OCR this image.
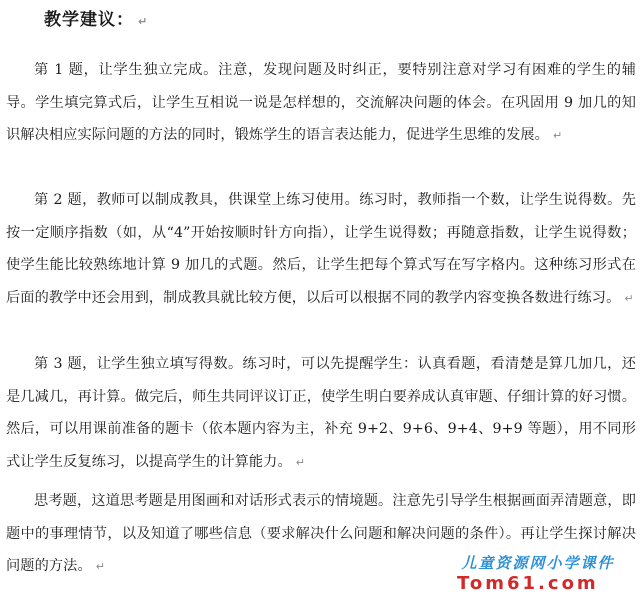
教学建议： ↵

第 1 题，让学生独立完成。注意，发现问题及时纠正，要特别注意对学习有困难的学生的辅导。学生填完算式后，让学生互相说一说是怎样想的，交流解决问题的体会。在巩固用 9 加几的知识解决相应实际问题的方法的同时，锻炼学生的语言表达能力，促进学生思维的发展。 ↵

第 2 题，教师可以制成教具，供课堂上练习使用。练习时，教师指一个数，让学生说得数。先按一定顺序指数（如，从“4”开始按顺时针方向指），让学生说得数；再随意指数，让学生说得数；使学生能比较熟练地计算 9 加几的式题。然后，让学生把每个算式写在写字格内。这种练习形式在后面的教学中还会用到，制成教具就比较方便，以后可以根据不同的教学内容变换各数进行练习。 ↵

第 3 题，让学生独立填写得数。练习时，可以先提醒学生：认真看题，看清楚是算几加几，还是几减几，再计算。做完后，师生共同评议订正，使学生明白要养成认真审题、仔细计算的好习惯。然后，可以用课前准备的题卡（依本题内容为主，补充 9+2、9+6、9+4、9+9 等题），用不同形式让学生反复练习，以提高学生的计算能力。 ↵

思考题，这道思考题是用图画和对话形式表示的情境题。注意先引导学生根据画面弄清题意，即题中的事理情节，以及知道了哪些信息（要求解决什么问题和解决问题的条件）。再让学生探讨解决问题的方法。 ↵	儿童资源网小学课件
Tom61.com
